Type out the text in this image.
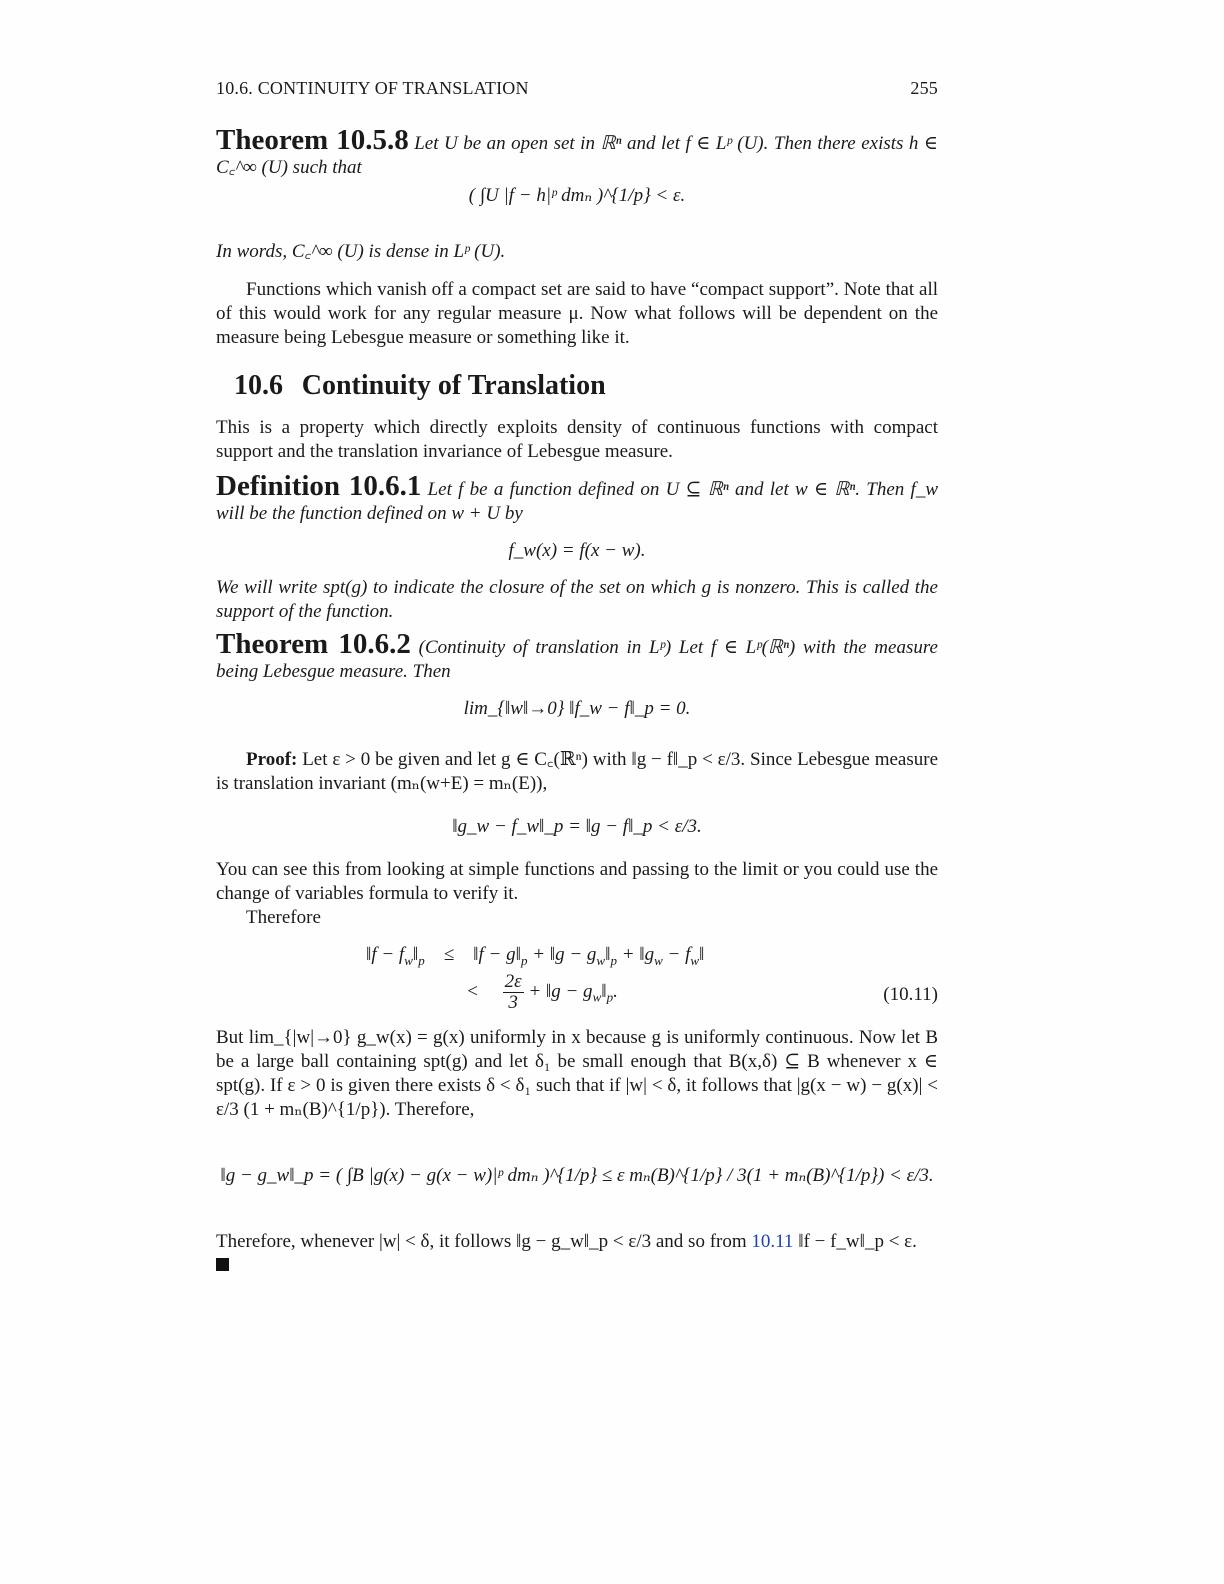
10.6. CONTINUITY OF TRANSLATION	255
Theorem 10.5.8 Let U be an open set in ℝⁿ and let f ∈ Lᵖ (U). Then there exists h ∈ C꜀^∞ (U) such that
( ∫U |f − h|ᵖ dmₙ )^{1/p} < ε.
In words, C꜀^∞ (U) is dense in Lᵖ (U).
Functions which vanish off a compact set are said to have “compact support”. Note that all of this would work for any regular measure μ. Now what follows will be dependent on the measure being Lebesgue measure or something like it.
10.6 Continuity of Translation
This is a property which directly exploits density of continuous functions with compact support and the translation invariance of Lebesgue measure.
Definition 10.6.1 Let f be a function defined on U ⊆ ℝⁿ and let w ∈ ℝⁿ. Then f_w will be the function defined on w + U by
f_w(x) = f(x − w).
We will write spt(g) to indicate the closure of the set on which g is nonzero. This is called the support of the function.
Theorem 10.6.2 (Continuity of translation in Lᵖ) Let f ∈ Lᵖ(ℝⁿ) with the measure being Lebesgue measure. Then
lim_{‖w‖→0} ‖f_w − f‖_p = 0.
Proof: Let ε > 0 be given and let g ∈ C꜀(ℝⁿ) with ‖g − f‖_p < ε/3. Since Lebesgue measure is translation invariant (mₙ(w+E) = mₙ(E)),
‖g_w − f_w‖_p = ‖g − f‖_p < ε/3.
You can see this from looking at simple functions and passing to the limit or you could use the change of variables formula to verify it.
Therefore
‖f − $f_w‖_p$    ≤    ‖f − $g‖_p$ + ‖g − $g_w‖_p$ + $‖g_w$ − $f_w‖$
< $\frac{2\varepsilon}{3}$ + ‖g − $g_w‖_p$.	(10.11)
But lim_{|w|→0} g_w(x) = g(x) uniformly in x because g is uniformly continuous. Now let B be a large ball containing spt(g) and let δ₁ be small enough that B(x,δ) ⊆ B whenever x ∈ spt(g). If ε > 0 is given there exists δ < δ₁ such that if |w| < δ, it follows that |g(x − w) − g(x)| < ε/3 (1 + mₙ(B)^{1/p}). Therefore,
‖g − g_w‖_p = ( ∫B |g(x) − g(x − w)|ᵖ dmₙ )^{1/p} ≤ ε mₙ(B)^{1/p} / 3(1 + mₙ(B)^{1/p}) < ε/3.
Therefore, whenever |w| < δ, it follows ‖g − g_w‖_p < ε/3 and so from 10.11 ‖f − f_w‖_p < ε.
